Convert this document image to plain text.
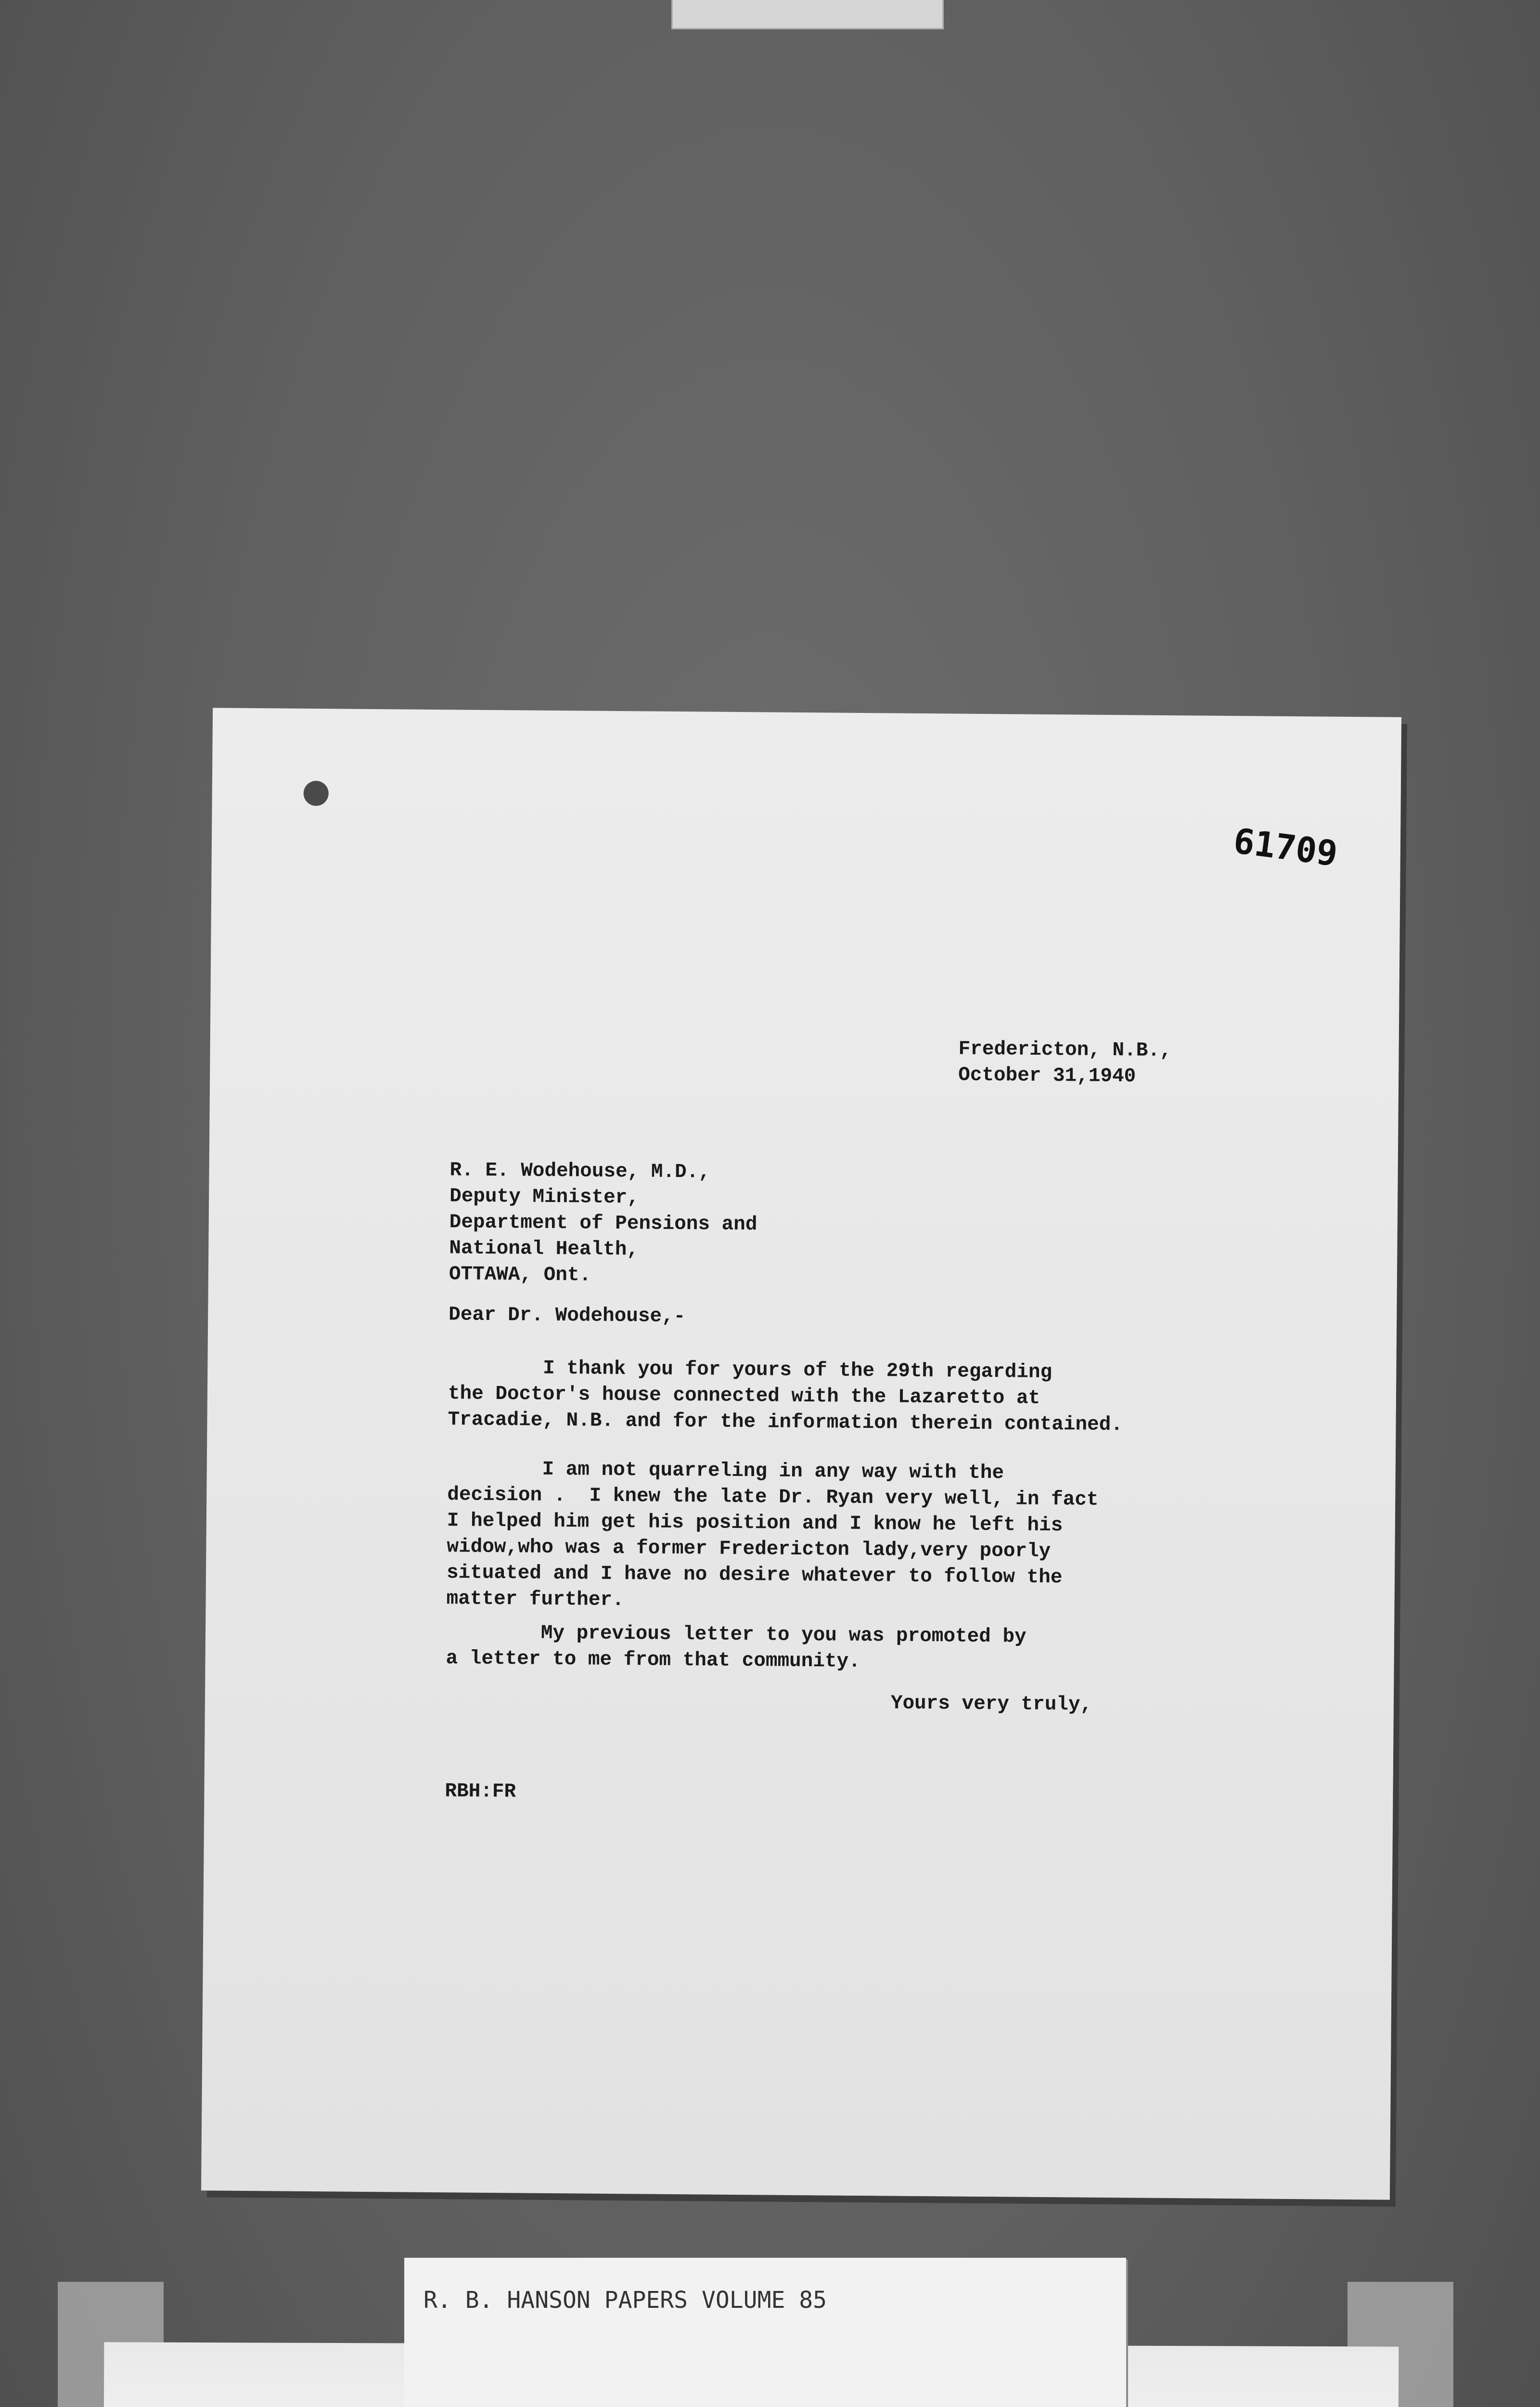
61709
Fredericton, N.B.,
October 31,1940
R. E. Wodehouse, M.D.,
Deputy Minister,
Department of Pensions and
National Health,
OTTAWA, Ont.
Dear Dr. Wodehouse,-
I thank you for yours of the 29th regarding
the Doctor's house connected with the Lazaretto at
Tracadie, N.B. and for the information therein contained.
I am not quarreling in any way with the
decision .  I knew the late Dr. Ryan very well, in fact
I helped him get his position and I know he left his
widow,who was a former Fredericton lady,very poorly
situated and I have no desire whatever to follow the
matter further.
My previous letter to you was promoted by
a letter to me from that community.
Yours very truly,
RBH:FR
R. B. HANSON PAPERS VOLUME 85
